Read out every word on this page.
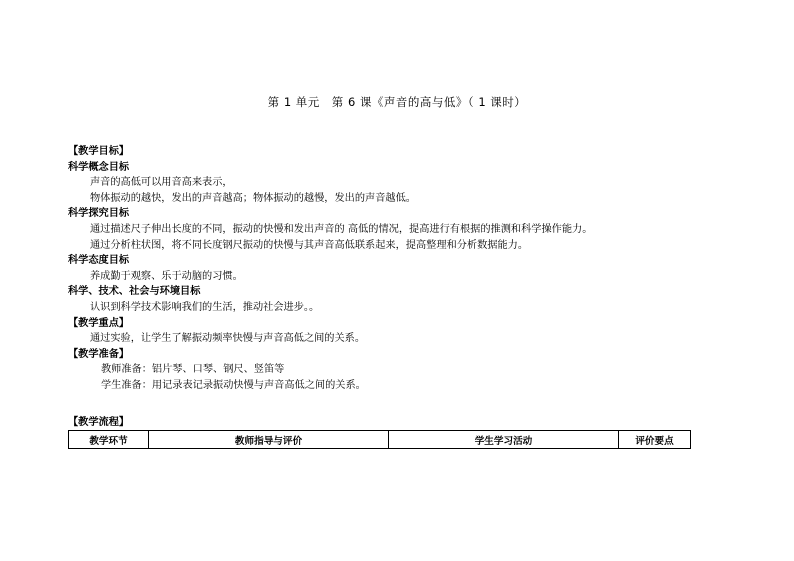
第 1 单元　第 6 课《声音的高与低》（ 1 课时）
【教学目标】
科学概念目标
声音的高低可以用音高来表示，
物体振动的越快，发出的声音越高；物体振动的越慢，发出的声音越低。
科学探究目标
通过描述尺子伸出长度的不同，振动的快慢和发出声音的 高低的情况，提高进行有根据的推测和科学操作能力。
通过分析柱状图，将不同长度钢尺振动的快慢与其声音高低联系起来，提高整理和分析数据能力。
科学态度目标
养成勤于观察、乐于动脑的习惯。
科学、技术、社会与环境目标
认识到科学技术影响我们的生活，推动社会进步。。
【教学重点】
通过实验，让学生了解振动频率快慢与声音高低之间的关系。
【教学准备】
教师准备：铝片琴、口琴、钢尺、竖笛等
学生准备：用记录表记录振动快慢与声音高低之间的关系。
【教学流程】
教学环节	教师指导与评价	学生学习活动	评价要点
